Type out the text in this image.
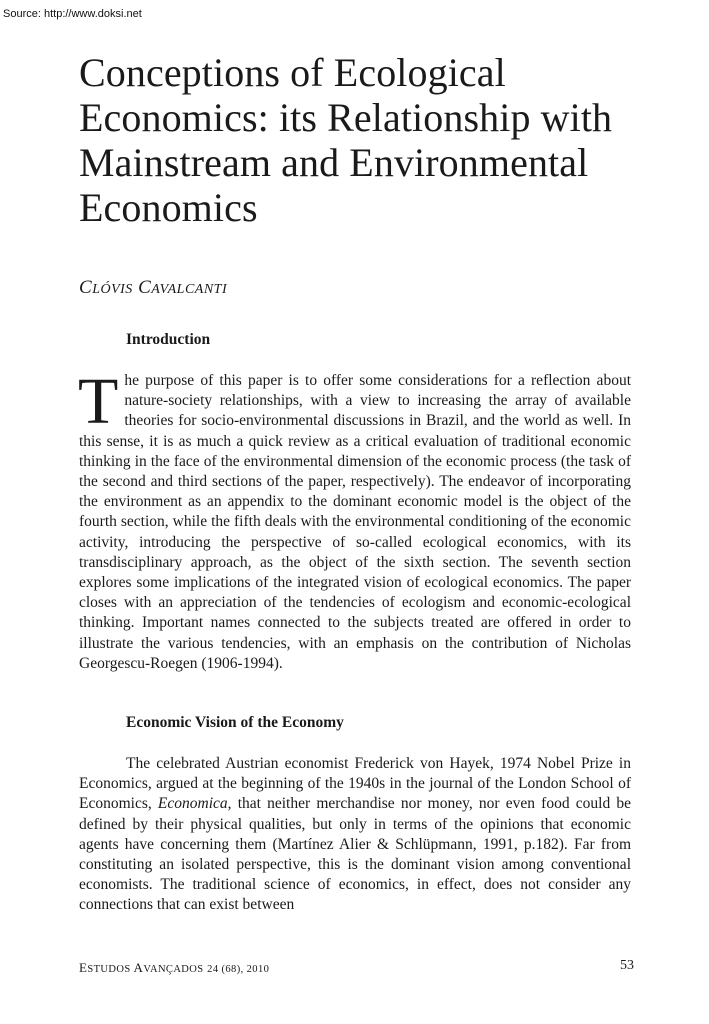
Source: http://www.doksi.net
Conceptions of Ecological Economics: its Relationship with Mainstream and Environmental Economics
CLÓVIS CAVALCANTI
Introduction

The purpose of this paper is to offer some considerations for a reflection about nature-society relationships, with a view to increasing the array of available theories for socio-environmental discussions in Brazil, and the world as well. In this sense, it is as much a quick review as a critical evaluation of traditional economic thinking in the face of the environmental dimension of the economic process (the task of the second and third sections of the paper, respectively). The endeavor of incorporating the environment as an appendix to the dominant economic model is the object of the fourth section, while the fifth deals with the environmental conditioning of the economic activity, introducing the perspective of so-called ecological economics, with its transdisciplinary approach, as the object of the sixth section. The seventh section explores some implications of the integrated vision of ecological economics. The paper closes with an appreciation of the tendencies of ecologism and economic-ecological thinking. Important names connected to the subjects treated are offered in order to illustrate the various tendencies, with an emphasis on the contribution of Nicholas Georgescu-Roegen (1906-1994).

Economic Vision of the Economy

The celebrated Austrian economist Frederick von Hayek, 1974 Nobel Prize in Economics, argued at the beginning of the 1940s in the journal of the London School of Economics, Economica, that neither merchandise nor money, nor even food could be defined by their physical qualities, but only in terms of the opinions that economic agents have concerning them (Martínez Alier & Schlüpmann, 1991, p.182). Far from constituting an isolated perspective, this is the dominant vision among conventional economists. The traditional science of economics, in effect, does not consider any connections that can exist between

ESTUDOS AVANÇADOS 24 (68), 2010	53
